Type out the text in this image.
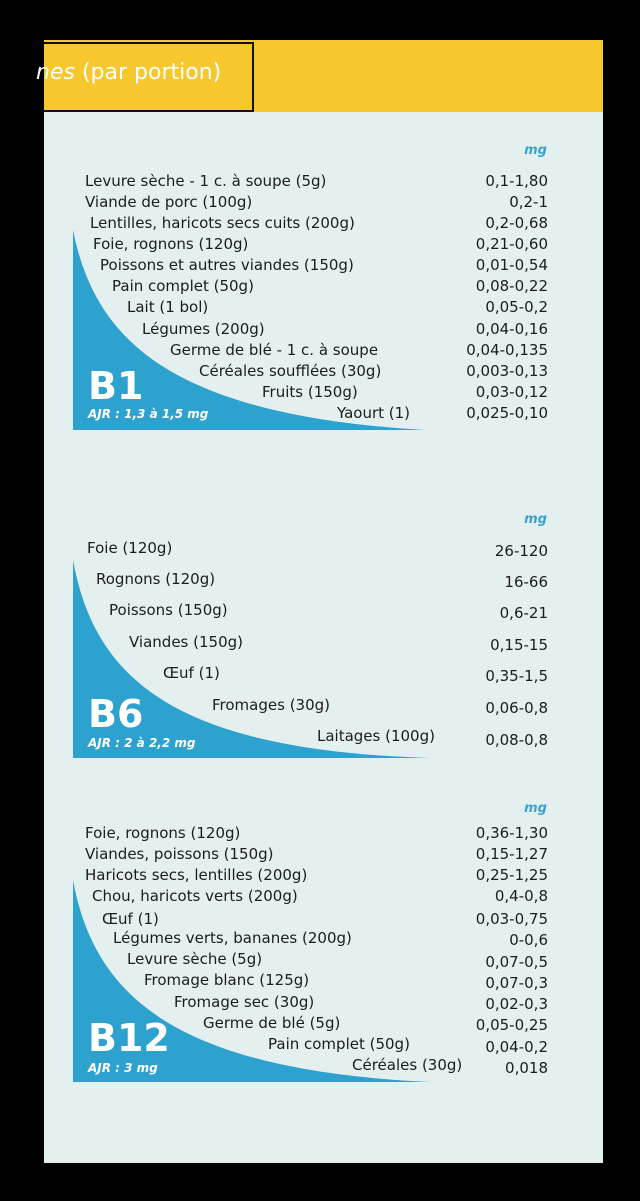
nes (par portion)
mg
B1
AJR : 1,3 à 1,5 mg
Levure sèche - 1 c. à soupe (5g)	0,1-1,80
Viande de porc (100g)	0,2-1
Lentilles, haricots secs cuits (200g)	0,2-0,68
Foie, rognons (120g)	0,21-0,60
Poissons et autres viandes (150g)	0,01-0,54
Pain complet (50g)	0,08-0,22
Lait (1 bol)	0,05-0,2
Légumes (200g)	0,04-0,16
Germe de blé - 1 c. à soupe	0,04-0,135
Céréales soufflées (30g)	0,003-0,13
Fruits (150g)	0,03-0,12
Yaourt (1)	0,025-0,10
mg
B6
AJR : 2 à 2,2 mg
Foie (120g)	26-120
Rognons (120g)	16-66
Poissons (150g)	0,6-21
Viandes (150g)	0,15-15
Œuf (1)	0,35-1,5
Fromages (30g)	0,06-0,8
Laitages (100g)	0,08-0,8
mg
B12
AJR : 3 mg
Foie, rognons (120g)	0,36-1,30
Viandes, poissons (150g)	0,15-1,27
Haricots secs, lentilles (200g)	0,25-1,25
Chou, haricots verts (200g)	0,4-0,8
Œuf (1)	0,03-0,75
Légumes verts, bananes (200g)	0-0,6
Levure sèche (5g)	0,07-0,5
Fromage blanc (125g)	0,07-0,3
Fromage sec (30g)	0,02-0,3
Germe de blé (5g)	0,05-0,25
Pain complet (50g)	0,04-0,2
Céréales (30g)	0,018
